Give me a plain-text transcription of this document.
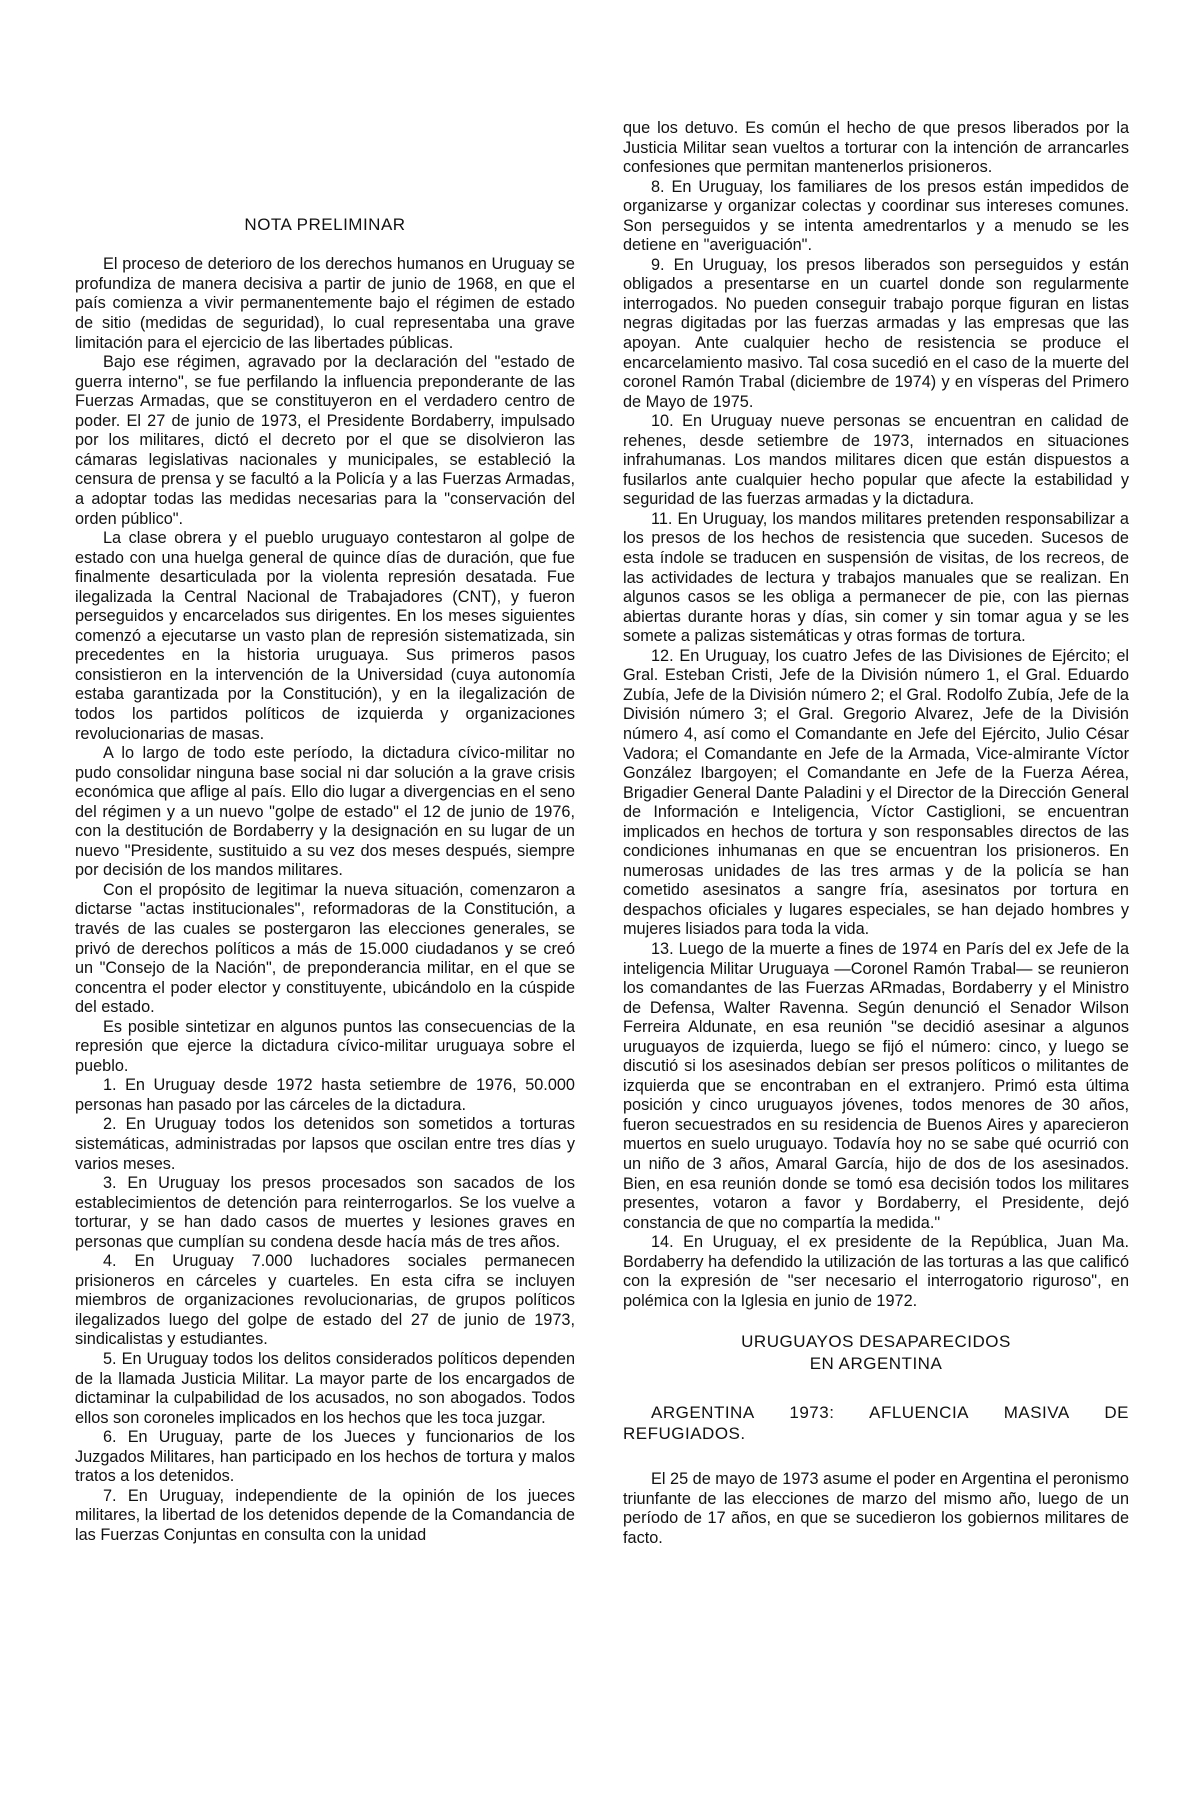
NOTA PRELIMINAR

El proceso de deterioro de los derechos humanos en Uruguay se profundiza de manera decisiva a partir de junio de 1968, en que el país comienza a vivir permanentemente bajo el régimen de estado de sitio (medidas de seguridad), lo cual representaba una grave limitación para el ejercicio de las libertades públicas.

Bajo ese régimen, agravado por la declaración del "estado de guerra interno", se fue perfilando la influencia preponderante de las Fuerzas Armadas, que se constituyeron en el verdadero centro de poder. El 27 de junio de 1973, el Presidente Bordaberry, impulsado por los militares, dictó el decreto por el que se disolvieron las cámaras legislativas nacionales y municipales, se estableció la censura de prensa y se facultó a la Policía y a las Fuerzas Armadas, a adoptar todas las medidas necesarias para la "conservación del orden público".

La clase obrera y el pueblo uruguayo contestaron al golpe de estado con una huelga general de quince días de duración, que fue finalmente desarticulada por la violenta represión desatada. Fue ilegalizada la Central Nacional de Trabajadores (CNT), y fueron perseguidos y encarcelados sus dirigentes. En los meses siguientes comenzó a ejecutarse un vasto plan de represión sistematizada, sin precedentes en la historia uruguaya. Sus primeros pasos consistieron en la intervención de la Universidad (cuya autonomía estaba garantizada por la Constitución), y en la ilegalización de todos los partidos políticos de izquierda y organizaciones revolucionarias de masas.

A lo largo de todo este período, la dictadura cívico-militar no pudo consolidar ninguna base social ni dar solución a la grave crisis económica que aflige al país. Ello dio lugar a divergencias en el seno del régimen y a un nuevo "golpe de estado" el 12 de junio de 1976, con la destitución de Bordaberry y la designación en su lugar de un nuevo "Presidente, sustituido a su vez dos meses después, siempre por decisión de los mandos militares.

Con el propósito de legitimar la nueva situación, comenzaron a dictarse "actas institucionales", reformadoras de la Constitución, a través de las cuales se postergaron las elecciones generales, se privó de derechos políticos a más de 15.000 ciudadanos y se creó un "Consejo de la Nación", de preponderancia militar, en el que se concentra el poder elector y constituyente, ubicándolo en la cúspide del estado.

Es posible sintetizar en algunos puntos las consecuencias de la represión que ejerce la dictadura cívico-militar uruguaya sobre el pueblo.

1. En Uruguay desde 1972 hasta setiembre de 1976, 50.000 personas han pasado por las cárceles de la dictadura.

2. En Uruguay todos los detenidos son sometidos a torturas sistemáticas, administradas por lapsos que oscilan entre tres días y varios meses.

3. En Uruguay los presos procesados son sacados de los establecimientos de detención para reinterrogarlos. Se los vuelve a torturar, y se han dado casos de muertes y lesiones graves en personas que cumplían su condena desde hacía más de tres años.

4. En Uruguay 7.000 luchadores sociales permanecen prisioneros en cárceles y cuarteles. En esta cifra se incluyen miembros de organizaciones revolucionarias, de grupos políticos ilegalizados luego del golpe de estado del 27 de junio de 1973, sindicalistas y estudiantes.

5. En Uruguay todos los delitos considerados políticos dependen de la llamada Justicia Militar. La mayor parte de los encargados de dictaminar la culpabilidad de los acusados, no son abogados. Todos ellos son coroneles implicados en los hechos que les toca juzgar.

6. En Uruguay, parte de los Jueces y funcionarios de los Juzgados Militares, han participado en los hechos de tortura y malos tratos a los detenidos.

7. En Uruguay, independiente de la opinión de los jueces militares, la libertad de los detenidos depende de la Comandancia de las Fuerzas Conjuntas en consulta con la unidad

que los detuvo. Es común el hecho de que presos liberados por la Justicia Militar sean vueltos a torturar con la intención de arrancarles confesiones que permitan mantenerlos prisioneros.

8. En Uruguay, los familiares de los presos están impedidos de organizarse y organizar colectas y coordinar sus intereses comunes. Son perseguidos y se intenta amedrentarlos y a menudo se les detiene en "averiguación".

9. En Uruguay, los presos liberados son perseguidos y están obligados a presentarse en un cuartel donde son regularmente interrogados. No pueden conseguir trabajo porque figuran en listas negras digitadas por las fuerzas armadas y las empresas que las apoyan. Ante cualquier hecho de resistencia se produce el encarcelamiento masivo. Tal cosa sucedió en el caso de la muerte del coronel Ramón Trabal (diciembre de 1974) y en vísperas del Primero de Mayo de 1975.

10. En Uruguay nueve personas se encuentran en calidad de rehenes, desde setiembre de 1973, internados en situaciones infrahumanas. Los mandos militares dicen que están dispuestos a fusilarlos ante cualquier hecho popular que afecte la estabilidad y seguridad de las fuerzas armadas y la dictadura.

11. En Uruguay, los mandos militares pretenden responsabilizar a los presos de los hechos de resistencia que suceden. Sucesos de esta índole se traducen en suspensión de visitas, de los recreos, de las actividades de lectura y trabajos manuales que se realizan. En algunos casos se les obliga a permanecer de pie, con las piernas abiertas durante horas y días, sin comer y sin tomar agua y se les somete a palizas sistemáticas y otras formas de tortura.

12. En Uruguay, los cuatro Jefes de las Divisiones de Ejército; el Gral. Esteban Cristi, Jefe de la División número 1, el Gral. Eduardo Zubía, Jefe de la División número 2; el Gral. Rodolfo Zubía, Jefe de la División número 3; el Gral. Gregorio Alvarez, Jefe de la División número 4, así como el Comandante en Jefe del Ejército, Julio César Vadora; el Comandante en Jefe de la Armada, Vice-almirante Víctor González Ibargoyen; el Comandante en Jefe de la Fuerza Aérea, Brigadier General Dante Paladini y el Director de la Dirección General de Información e Inteligencia, Víctor Castiglioni, se encuentran implicados en hechos de tortura y son responsables directos de las condiciones inhumanas en que se encuentran los prisioneros. En numerosas unidades de las tres armas y de la policía se han cometido asesinatos a sangre fría, asesinatos por tortura en despachos oficiales y lugares especiales, se han dejado hombres y mujeres lisiados para toda la vida.

13. Luego de la muerte a fines de 1974 en París del ex Jefe de la inteligencia Militar Uruguaya —Coronel Ramón Trabal— se reunieron los comandantes de las Fuerzas ARmadas, Bordaberry y el Ministro de Defensa, Walter Ravenna. Según denunció el Senador Wilson Ferreira Aldunate, en esa reunión "se decidió asesinar a algunos uruguayos de izquierda, luego se fijó el número: cinco, y luego se discutió si los asesinados debían ser presos políticos o militantes de izquierda que se encontraban en el extranjero. Primó esta última posición y cinco uruguayos jóvenes, todos menores de 30 años, fueron secuestrados en su residencia de Buenos Aires y aparecieron muertos en suelo uruguayo. Todavía hoy no se sabe qué ocurrió con un niño de 3 años, Amaral García, hijo de dos de los asesinados. Bien, en esa reunión donde se tomó esa decisión todos los militares presentes, votaron a favor y Bordaberry, el Presidente, dejó constancia de que no compartía la medida."

14. En Uruguay, el ex presidente de la República, Juan Ma. Bordaberry ha defendido la utilización de las torturas a las que calificó con la expresión de "ser necesario el interrogatorio riguroso", en polémica con la Iglesia en junio de 1972.

URUGUAYOS DESAPARECIDOS
EN ARGENTINA
ARGENTINA 1973: AFLUENCIA MASIVA DE REFUGIADOS.

El 25 de mayo de 1973 asume el poder en Argentina el peronismo triunfante de las elecciones de marzo del mismo año, luego de un período de 17 años, en que se sucedieron los gobiernos militares de facto.
